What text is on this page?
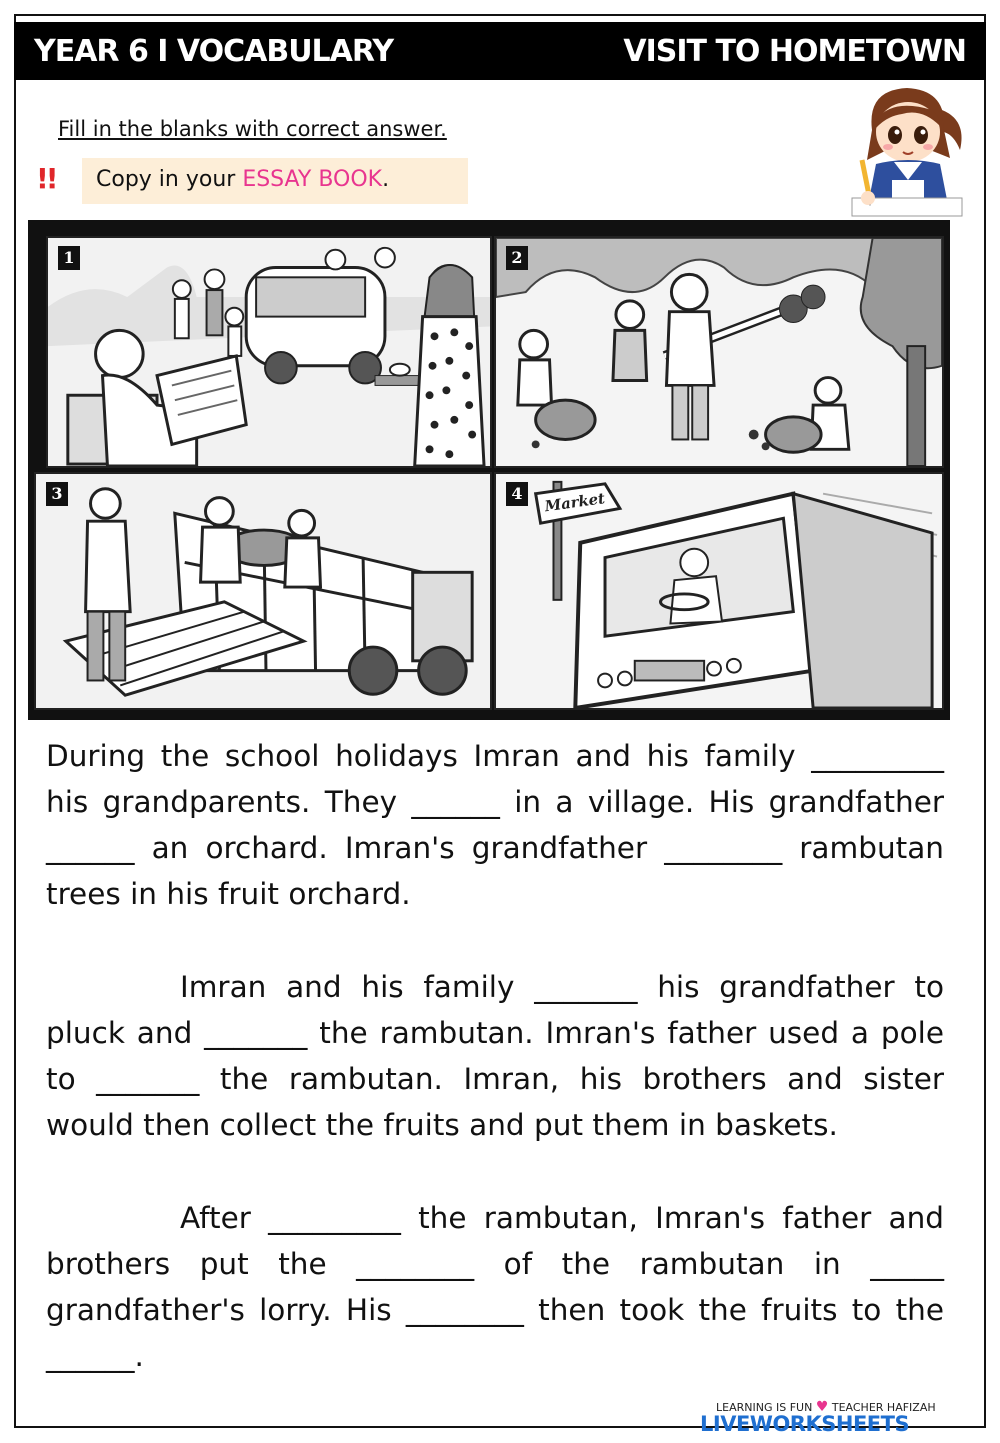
YEAR 6 I VOCABULARY	VISIT TO HOMETOWN
Fill in the blanks with correct answer.
!! Copy in your ESSAY BOOK.
1	2
3	Market
4

During the school holidays Imran and his family _________ his grandparents. They ______ in a village. His grandfather ______ an orchard. Imran's grandfather ________ rambutan trees in his fruit orchard.

Imran and his family _______ his grandfather to pluck and _______ the rambutan. Imran's father used a pole to _______ the rambutan. Imran, his brothers and sister would then collect the fruits and put them in baskets.

After _________ the rambutan, Imran's father and brothers put the ________ of the rambutan in _____ grandfather's lorry. His ________ then took the fruits to the ______.

LEARNING IS FUN ♥ TEACHER HAFIZAH
LIVEWORKSHEETS
